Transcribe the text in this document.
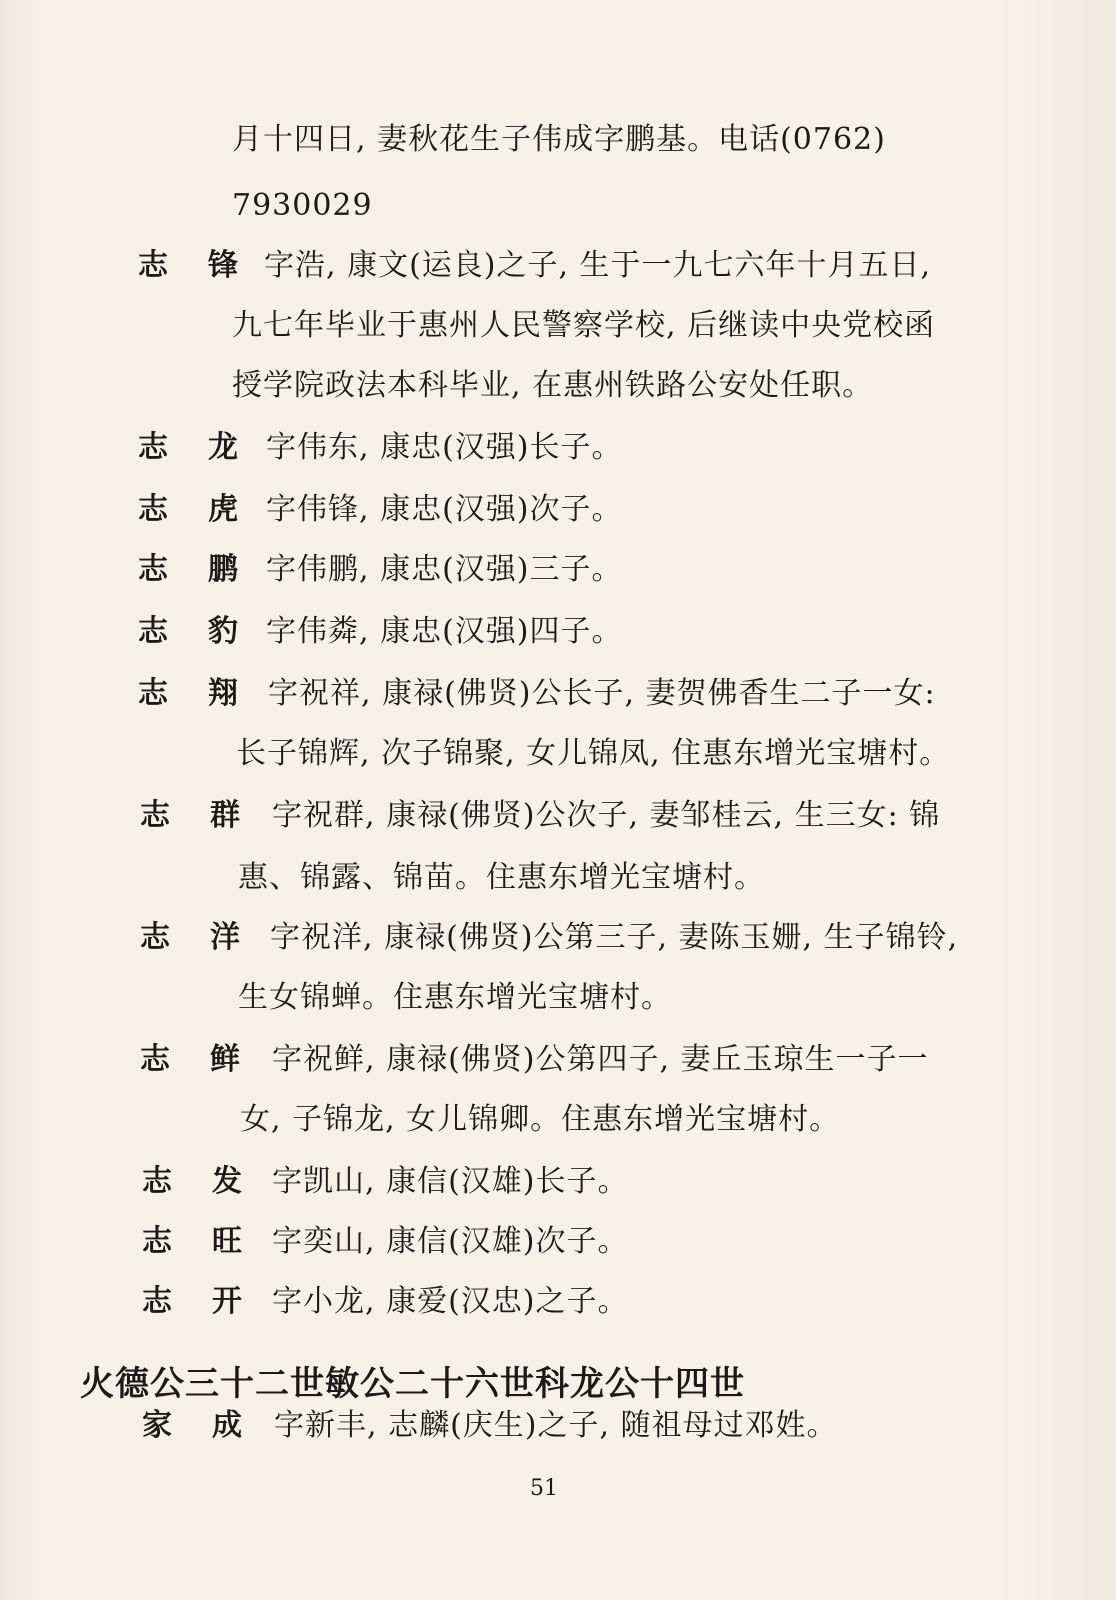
月十四日, 妻秋花生子伟成字鹏基。电话(0762)
7930029
志 锋 字浩, 康文(运良)之子, 生于一九七六年十月五日,
九七年毕业于惠州人民警察学校, 后继读中央党校函
授学院政法本科毕业, 在惠州铁路公安处任职。
志 龙 字伟东, 康忠(汉强)长子。
志 虎 字伟锋, 康忠(汉强)次子。
志 鹏 字伟鹏, 康忠(汉强)三子。
志 豹 字伟粦, 康忠(汉强)四子。
志 翔 字祝祥, 康禄(佛贤)公长子, 妻贺佛香生二子一女:
长子锦辉, 次子锦聚, 女儿锦凤, 住惠东增光宝塘村。
志 群 字祝群, 康禄(佛贤)公次子, 妻邹桂云, 生三女: 锦
惠、锦露、锦苗。住惠东增光宝塘村。
志 洋 字祝洋, 康禄(佛贤)公第三子, 妻陈玉姗, 生子锦铃,
生女锦蝉。住惠东增光宝塘村。
志 鲜 字祝鲜, 康禄(佛贤)公第四子, 妻丘玉琼生一子一
女, 子锦龙, 女儿锦卿。住惠东增光宝塘村。
志 发 字凯山, 康信(汉雄)长子。
志 旺 字奕山, 康信(汉雄)次子。
志 开 字小龙, 康爱(汉忠)之子。
火德公三十二世敏公二十六世科龙公十四世
家 成 字新丰, 志麟(庆生)之子, 随祖母过邓姓。
51
